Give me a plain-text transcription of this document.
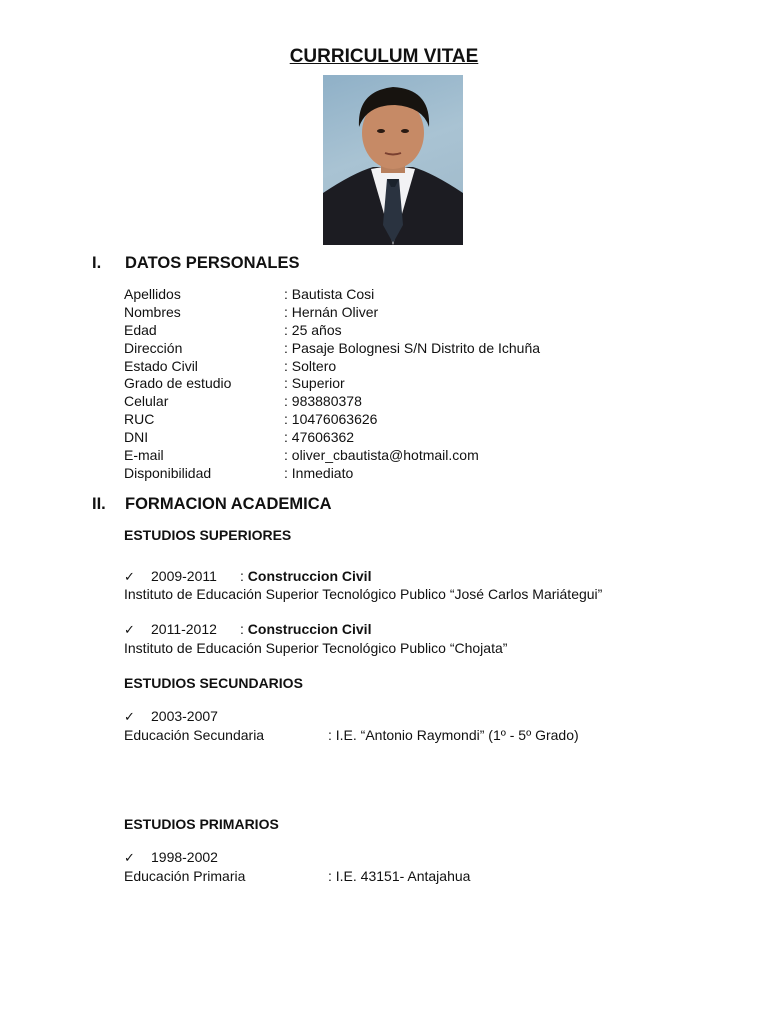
CURRICULUM VITAE
I. DATOS PERSONALES
Apellidos	: Bautista Cosi
Nombres	: Hernán Oliver
Edad	: 25 años
Dirección	: Pasaje Bolognesi S/N Distrito de Ichuña
Estado Civil	: Soltero
Grado de estudio	: Superior
Celular	: 983880378
RUC	: 10476063626
DNI	: 47606362
E-mail	: oliver_cbautista@hotmail.com
Disponibilidad	: Inmediato
II. FORMACION ACADEMICA
ESTUDIOS SUPERIORES
✓ 2009-2011 : Construccion Civil
Instituto de Educación Superior Tecnológico Publico “José Carlos Mariátegui”
✓ 2011-2012 : Construccion Civil
Instituto de Educación Superior Tecnológico Publico “Chojata”
ESTUDIOS SECUNDARIOS
✓ 2003-2007
Educación Secundaria	: I.E. “Antonio Raymondi” (1º - 5º Grado)
ESTUDIOS PRIMARIOS
✓ 1998-2002
Educación Primaria	: I.E. 43151- Antajahua
